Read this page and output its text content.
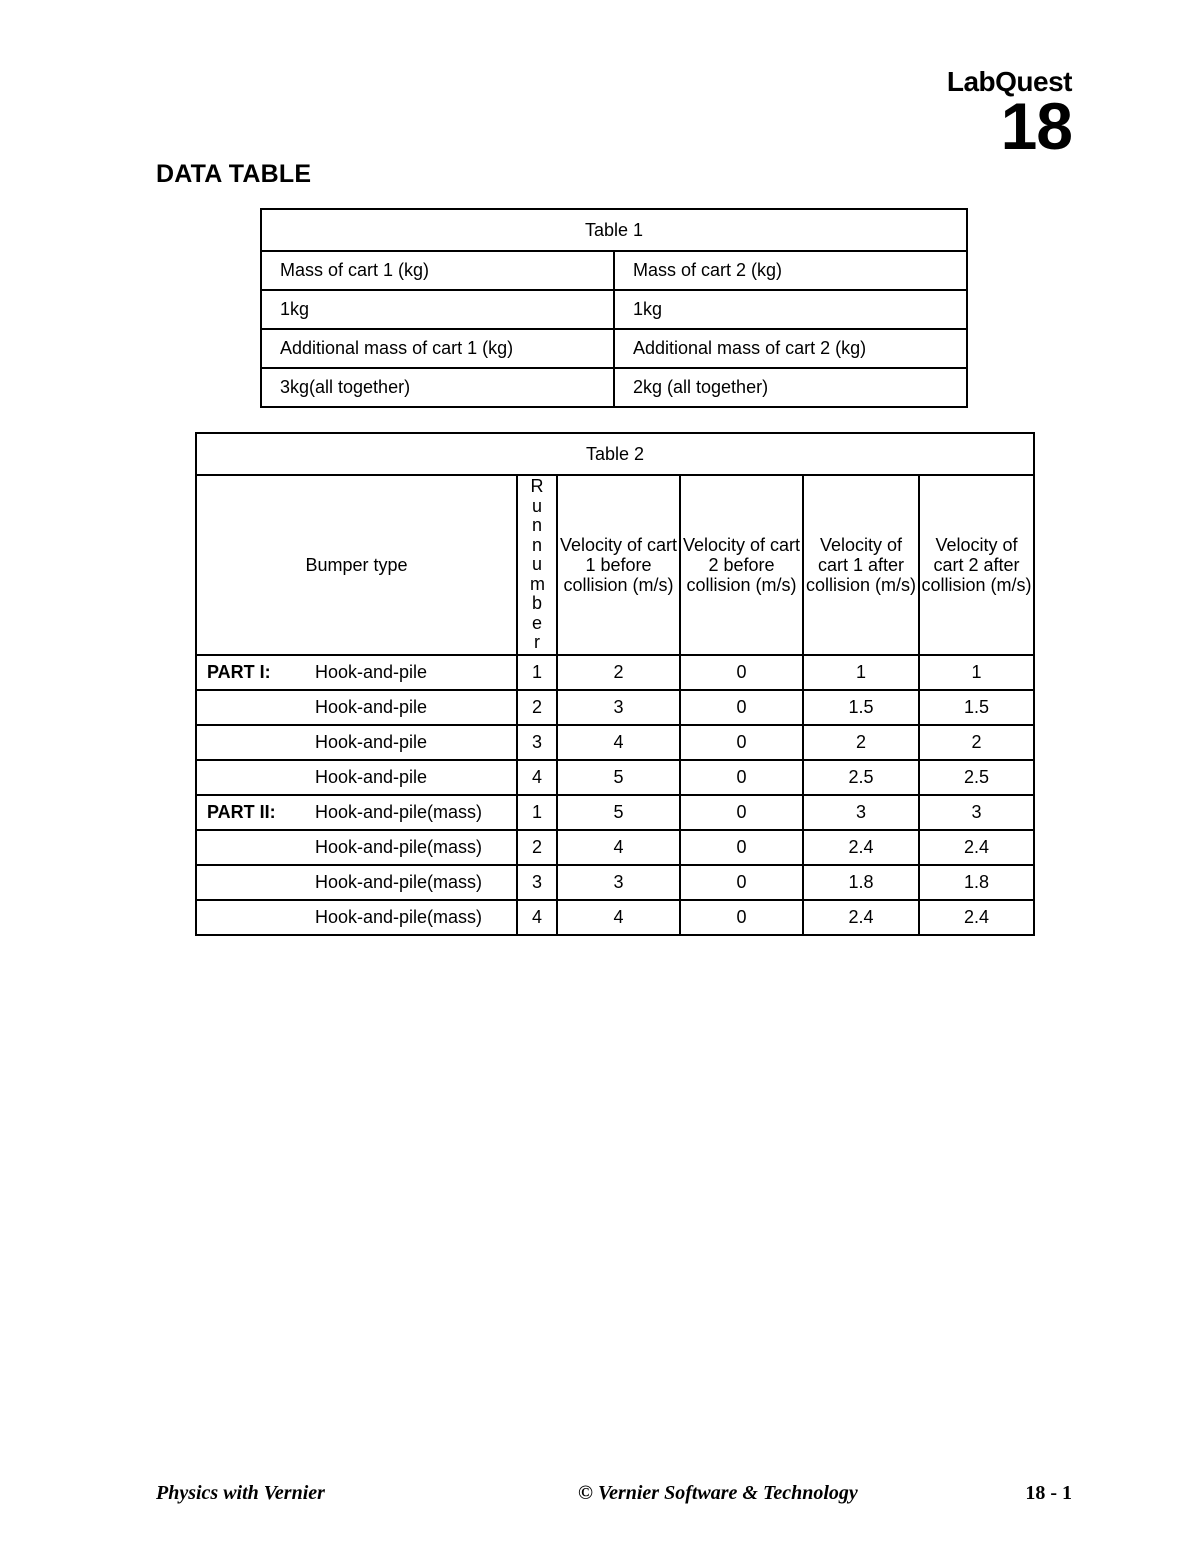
LabQuest
18
DATA TABLE
Table 1	
Mass of cart 1 (kg)	Mass of cart 2 (kg)
1kg	1kg
Additional mass of cart 1 (kg)	Additional mass of cart 2 (kg)
3kg(all together)	2kg (all together)
Table 2					
Bumper type	Run number	Velocity of cart 1 before collision (m/s)	Velocity of cart 2 before collision (m/s)	Velocity of cart 1 after collision (m/s)	Velocity of cart 2 after collision (m/s)
PART I: Hook-and-pile	1	2	0	1	1
Hook-and-pile	2	3	0	1.5	1.5
Hook-and-pile	3	4	0	2	2
Hook-and-pile	4	5	0	2.5	2.5
PART II: Hook-and-pile(mass)	1	5	0	3	3
Hook-and-pile(mass)	2	4	0	2.4	2.4
Hook-and-pile(mass)	3	3	0	1.8	1.8
Hook-and-pile(mass)	4	4	0	2.4	2.4
Physics with Vernier	© Vernier Software & Technology	18 - 1
